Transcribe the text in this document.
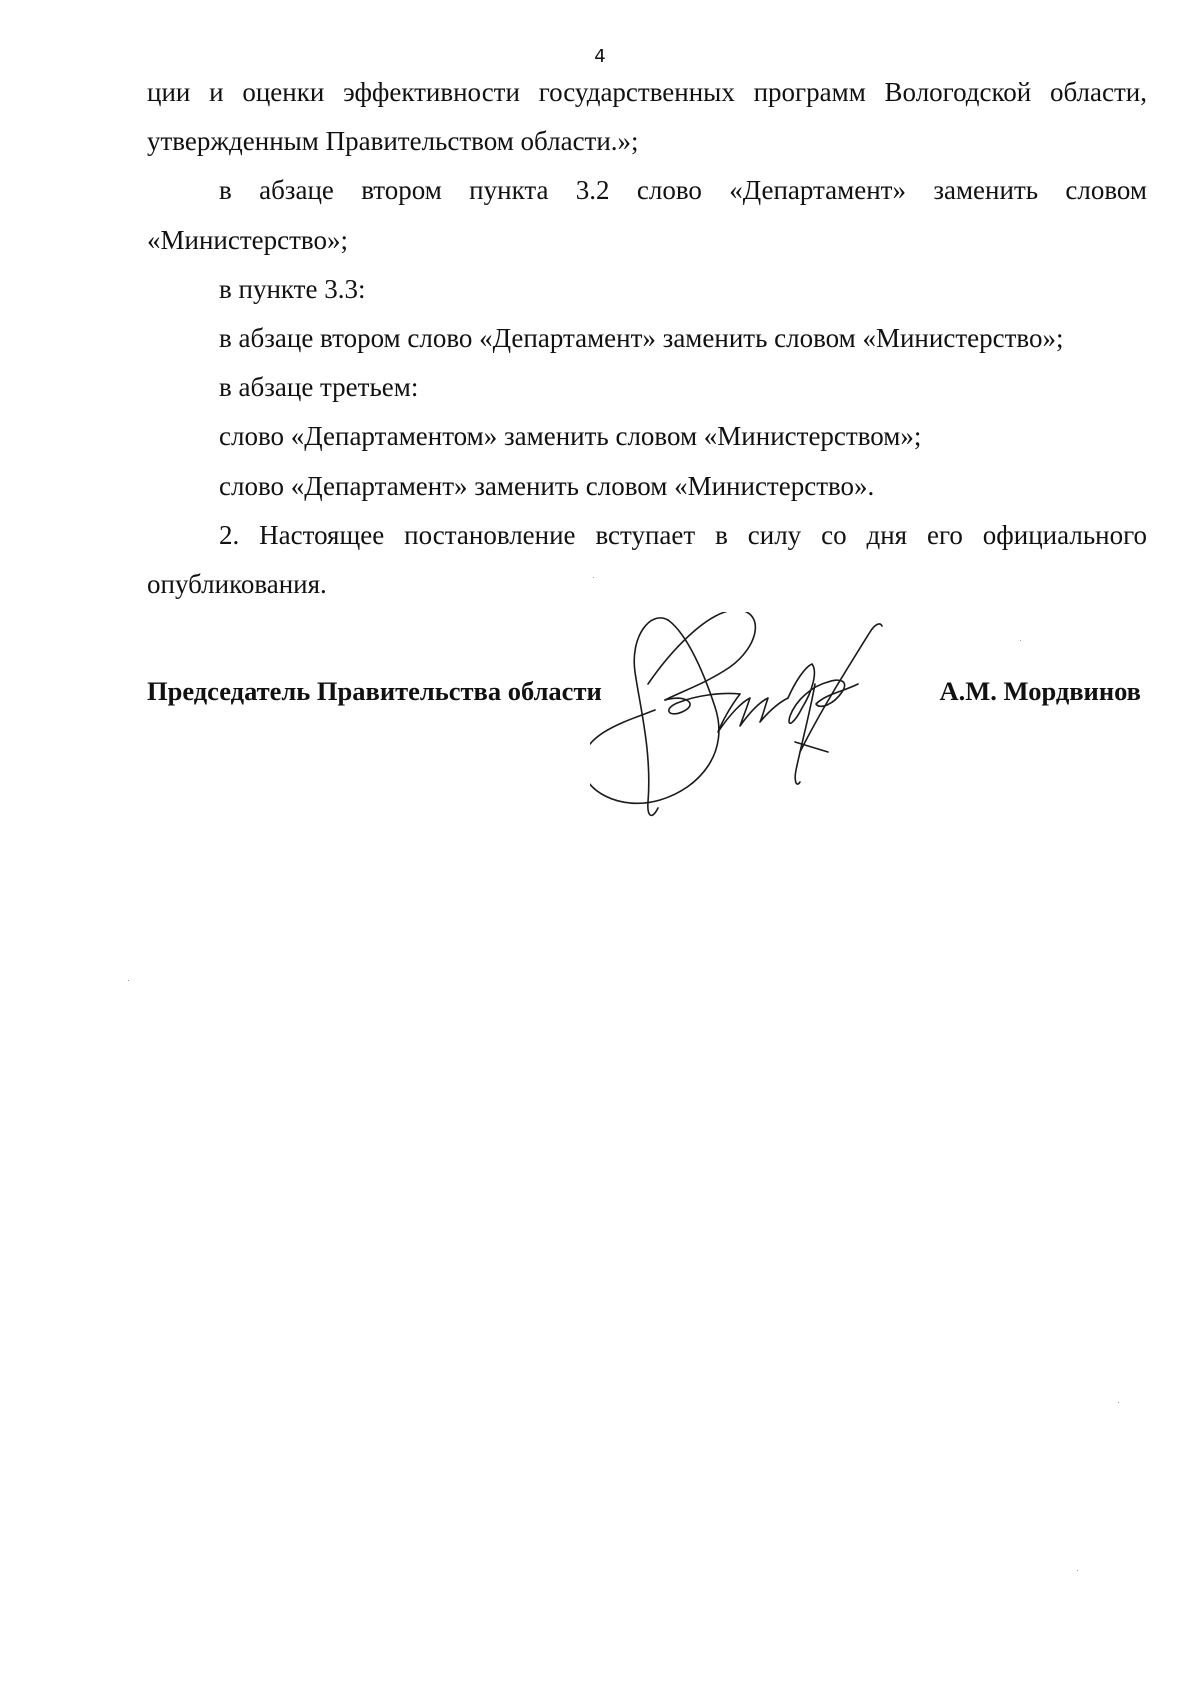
4

ции и оценки эффективности государственных программ Вологодской области, утвержденным Правительством области.»;

в абзаце втором пункта 3.2 слово «Департамент» заменить словом «Министерство»;

в пункте 3.3:

в абзаце втором слово «Департамент» заменить словом «Министерство»;

в абзаце третьем:

слово «Департаментом» заменить словом «Министерством»;

слово «Департамент» заменить словом «Министерство».

2. Настоящее постановление вступает в силу со дня его официального опубликования.

Председатель Правительства области	А.М. Мордвинов
